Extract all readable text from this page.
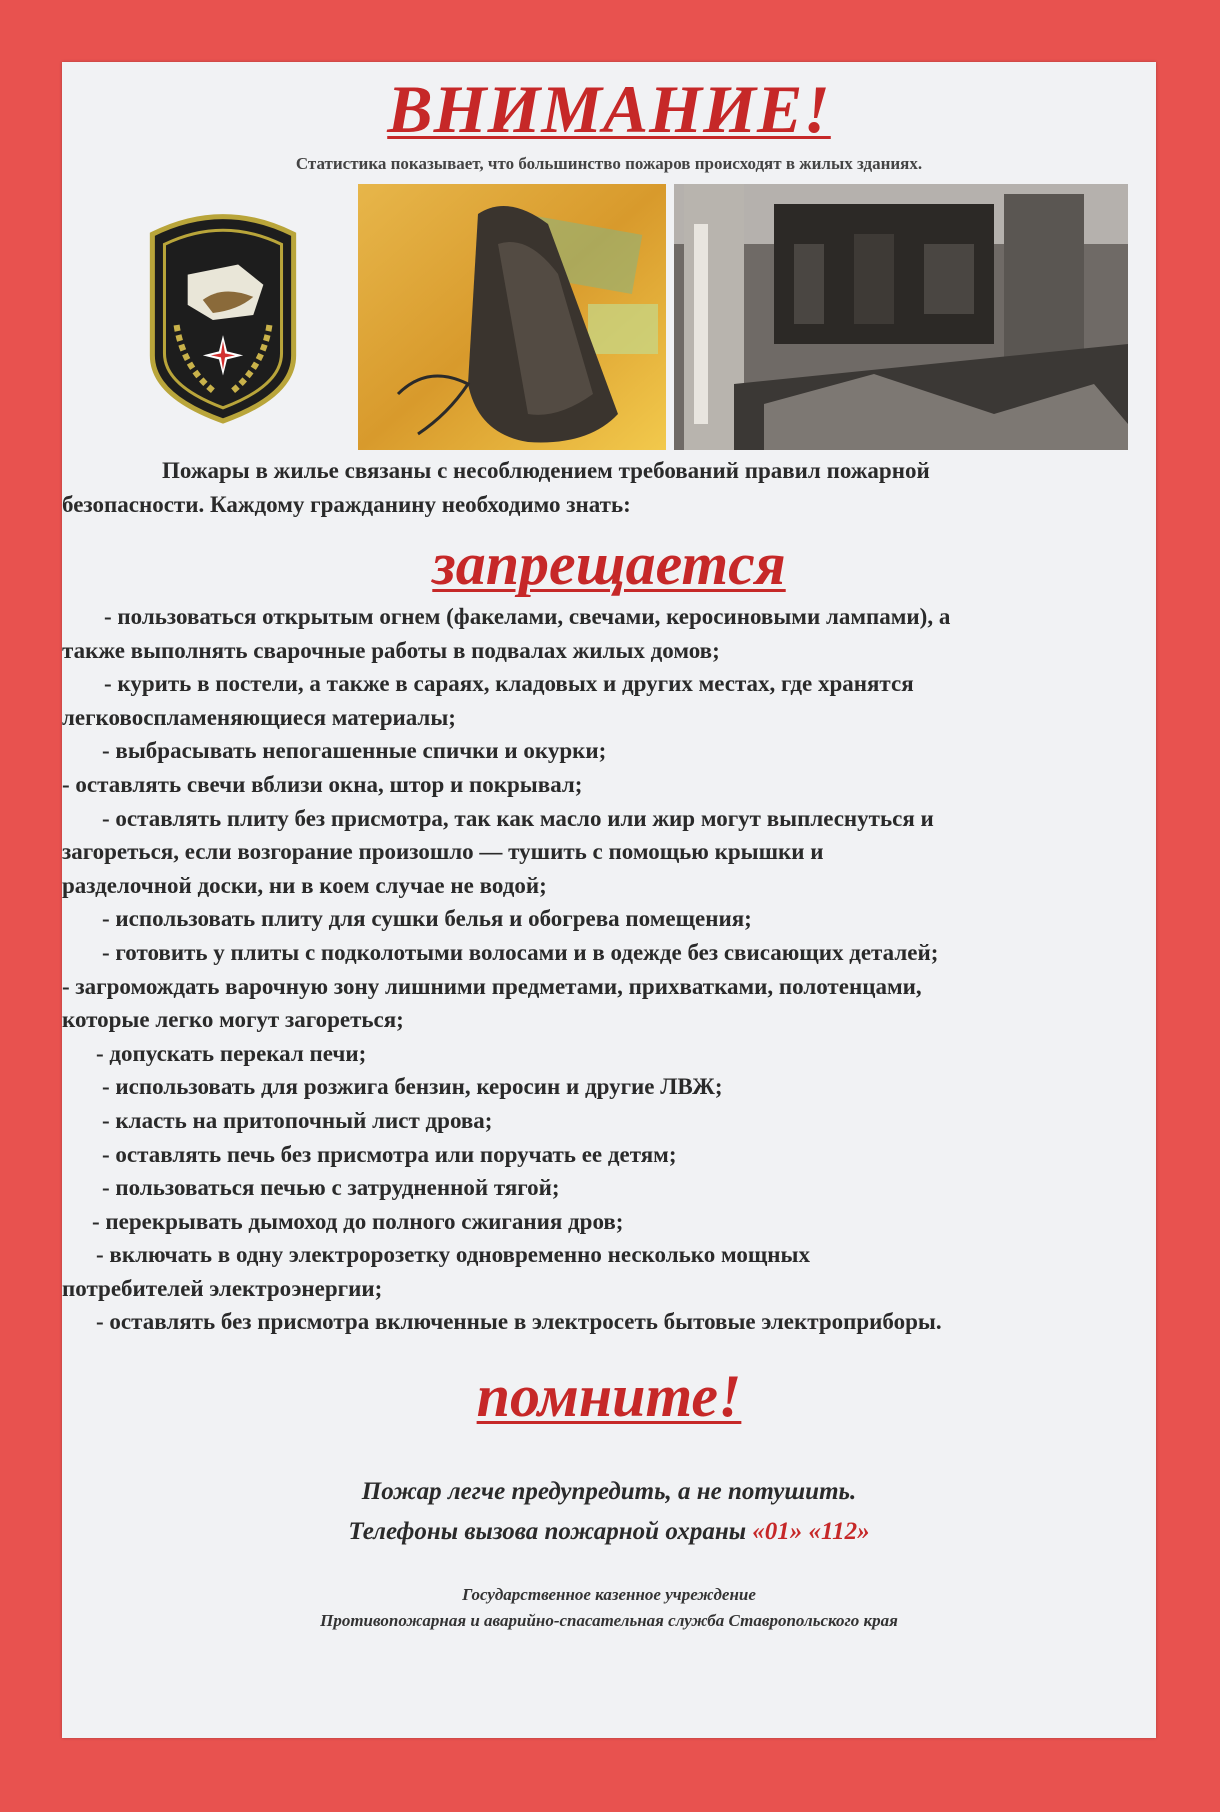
ВНИМАНИЕ!
Статистика показывает, что большинство пожаров происходят в жилых зданиях.
Пожары в жилье связаны с несоблюдением требований правил пожарной
безопасности. Каждому гражданину необходимо знать:
запрещается
- пользоваться открытым огнем (факелами, свечами, керосиновыми лампами), а
также выполнять сварочные работы в подвалах жилых домов;
- курить в постели, а также в сараях, кладовых и других местах, где хранятся
легковоспламеняющиеся материалы;
- выбрасывать непогашенные спички и окурки;
- оставлять свечи вблизи окна, штор и покрывал;
- оставлять плиту без присмотра, так как масло или жир могут выплеснуться и
загореться, если возгорание произошло — тушить с помощью крышки и
разделочной доски, ни в коем случае не водой;
- использовать плиту для сушки белья и обогрева помещения;
- готовить у плиты с подколотыми волосами и в одежде без свисающих деталей;
- загромождать варочную зону лишними предметами, прихватками, полотенцами,
которые легко могут загореться;
- допускать перекал печи;
- использовать для розжига бензин, керосин и другие ЛВЖ;
- класть на притопочный лист дрова;
- оставлять печь без присмотра или поручать ее детям;
- пользоваться печью с затрудненной тягой;
- перекрывать дымоход до полного сжигания дров;
- включать в одну электророзетку одновременно несколько мощных
потребителей электроэнергии;
- оставлять без присмотра включенные в электросеть бытовые электроприборы.
помните!
Пожар легче предупредить, а не потушить.
Телефоны вызова пожарной охраны «01» «112»
Государственное казенное учреждение
Противопожарная и аварийно-спасательная служба Ставропольского края
